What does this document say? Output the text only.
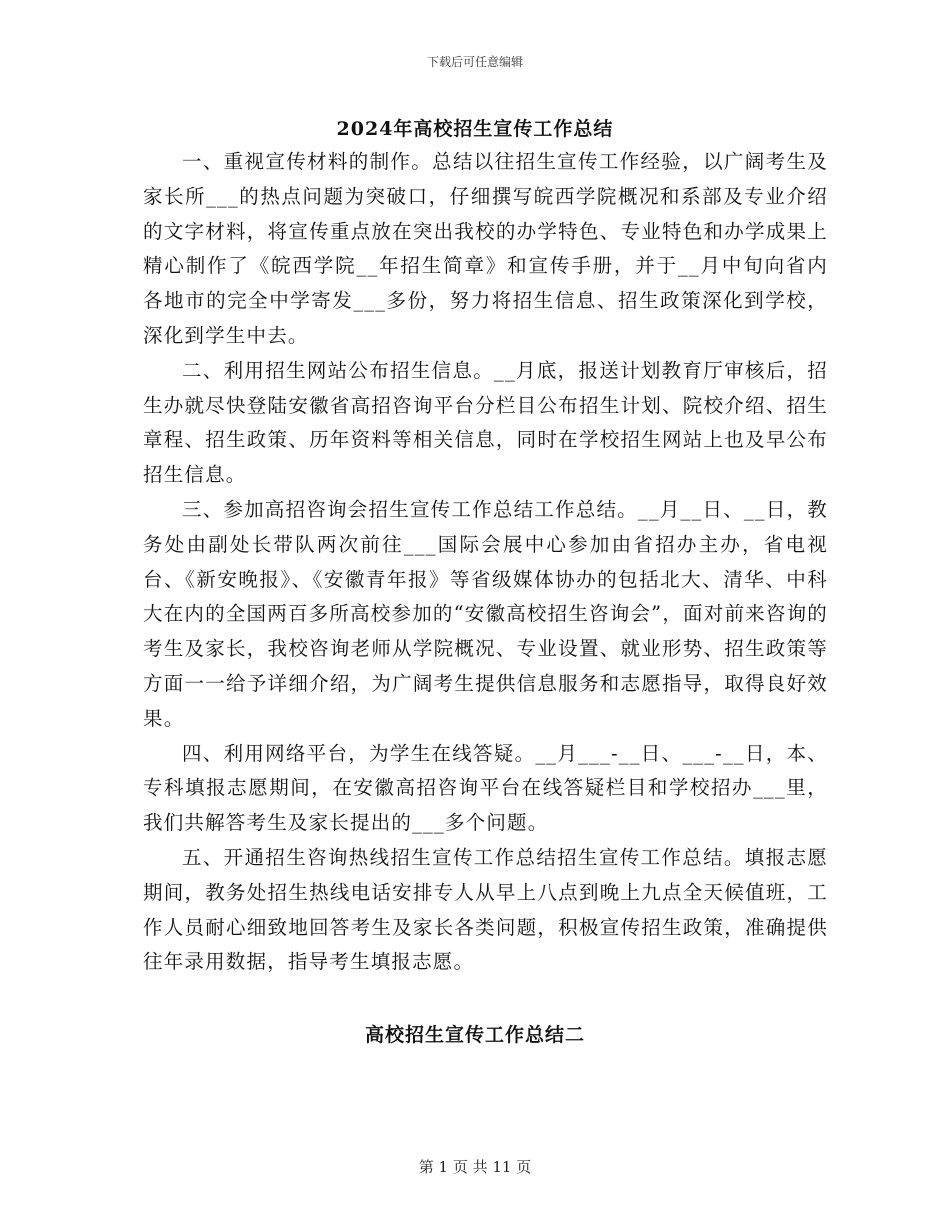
下载后可任意编辑
2024年高校招生宣传工作总结

一、重视宣传材料的制作。总结以往招生宣传工作经验，以广阔考生及家长所___的热点问题为突破口，仔细撰写皖西学院概况和系部及专业介绍的文字材料，将宣传重点放在突出我校的办学特色、专业特色和办学成果上精心制作了《皖西学院__年招生简章》和宣传手册，并于__月中旬向省内各地市的完全中学寄发___多份，努力将招生信息、招生政策深化到学校，深化到学生中去。

二、利用招生网站公布招生信息。__月底，报送计划教育厅审核后，招生办就尽快登陆安徽省高招咨询平台分栏目公布招生计划、院校介绍、招生章程、招生政策、历年资料等相关信息，同时在学校招生网站上也及早公布招生信息。

三、参加高招咨询会招生宣传工作总结工作总结。__月__日、__日，教务处由副处长带队两次前往___国际会展中心参加由省招办主办，省电视台、《新安晚报》、《安徽青年报》等省级媒体协办的包括北大、清华、中科大在内的全国两百多所高校参加的“安徽高校招生咨询会”，面对前来咨询的考生及家长，我校咨询老师从学院概况、专业设置、就业形势、招生政策等方面一一给予详细介绍，为广阔考生提供信息服务和志愿指导，取得良好效果。

四、利用网络平台，为学生在线答疑。__月___-__日、___-__日，本、专科填报志愿期间，在安徽高招咨询平台在线答疑栏目和学校招办___里，我们共解答考生及家长提出的___多个问题。

五、开通招生咨询热线招生宣传工作总结招生宣传工作总结。填报志愿期间，教务处招生热线电话安排专人从早上八点到晚上九点全天候值班，工作人员耐心细致地回答考生及家长各类问题，积极宣传招生政策，准确提供往年录用数据，指导考生填报志愿。

高校招生宣传工作总结二
第 1 页 共 11 页
